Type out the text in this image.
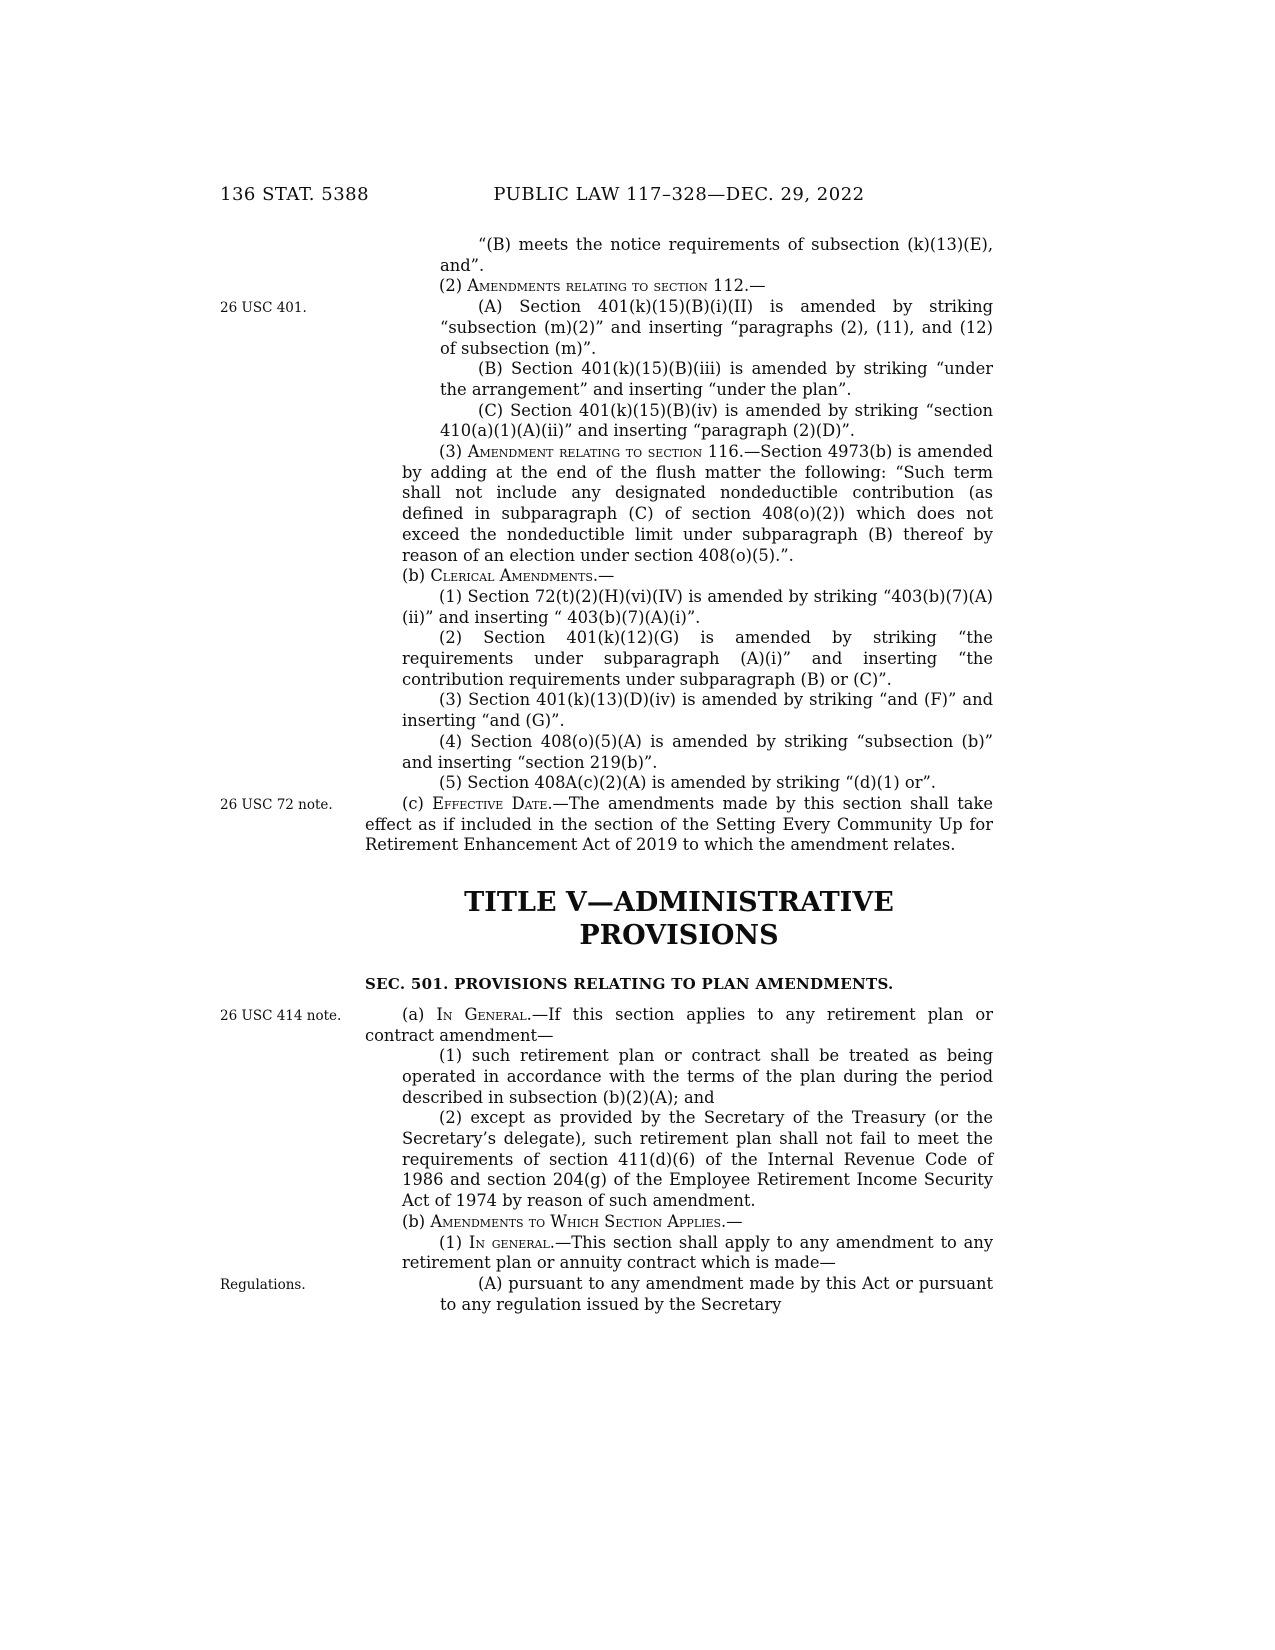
136 STAT. 5388	PUBLIC LAW 117–328—DEC. 29, 2022

“(B) meets the notice requirements of subsection (k)(13)(E), and”.

(2) Amendments relating to section 112.—

26 USC 401.	(A) Section 401(k)(15)(B)(i)(II) is amended by striking “subsection (m)(2)” and inserting “paragraphs (2), (11), and (12) of subsection (m)”.

(B) Section 401(k)(15)(B)(iii) is amended by striking “under the arrangement” and inserting “under the plan”.

(C) Section 401(k)(15)(B)(iv) is amended by striking “section 410(a)(1)(A)(ii)” and inserting “paragraph (2)(D)”.

(3) Amendment relating to section 116.—Section 4973(b) is amended by adding at the end of the flush matter the following: “Such term shall not include any designated nondeductible contribution (as defined in subparagraph (C) of section 408(o)(2)) which does not exceed the nondeductible limit under subparagraph (B) thereof by reason of an election under section 408(o)(5).”.

(b) Clerical Amendments.—

(1) Section 72(t)(2)(H)(vi)(IV) is amended by striking “403(b)(7)(A)(ii)” and inserting “ 403(b)(7)(A)(i)”.

(2) Section 401(k)(12)(G) is amended by striking “the requirements under subparagraph (A)(i)” and inserting “the contribution requirements under subparagraph (B) or (C)”.

(3) Section 401(k)(13)(D)(iv) is amended by striking “and (F)” and inserting “and (G)”.

(4) Section 408(o)(5)(A) is amended by striking “subsection (b)” and inserting “section 219(b)”.

(5) Section 408A(c)(2)(A) is amended by striking “(d)(1) or”.

26 USC 72 note.	(c) Effective Date.—The amendments made by this section shall take effect as if included in the section of the Setting Every Community Up for Retirement Enhancement Act of 2019 to which the amendment relates.

TITLE V—ADMINISTRATIVE
PROVISIONS
SEC. 501. PROVISIONS RELATING TO PLAN AMENDMENTS.

26 USC 414 note.	(a) In General.—If this section applies to any retirement plan or contract amendment—

(1) such retirement plan or contract shall be treated as being operated in accordance with the terms of the plan during the period described in subsection (b)(2)(A); and

(2) except as provided by the Secretary of the Treasury (or the Secretary’s delegate), such retirement plan shall not fail to meet the requirements of section 411(d)(6) of the Internal Revenue Code of 1986 and section 204(g) of the Employee Retirement Income Security Act of 1974 by reason of such amendment.

(b) Amendments to Which Section Applies.—

(1) In general.—This section shall apply to any amendment to any retirement plan or annuity contract which is made—

Regulations.	(A) pursuant to any amendment made by this Act or pursuant to any regulation issued by the Secretary
